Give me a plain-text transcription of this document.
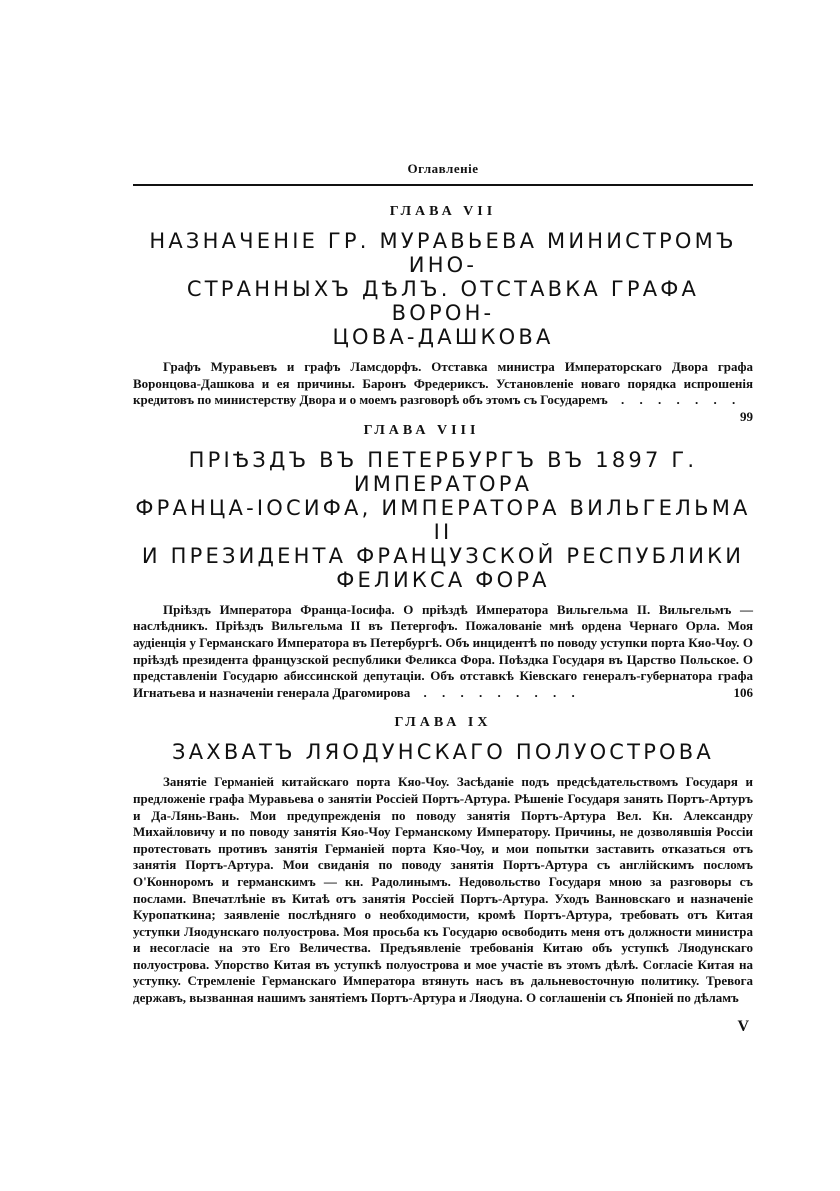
Оглавленіе
ГЛАВА VII
НАЗНАЧЕНІЕ ГР. МУРАВЬЕВА МИНИСТРОМЪ ИНО-
СТРАННЫХЪ ДѢЛЪ. ОТСТАВКА ГРАФА ВОРОН-
ЦОВА-ДАШКОВА
Графъ Муравьевъ и графъ Ламсдорфъ. Отставка министра Императорскаго Двора графа Воронцова-Дашкова и ея причины. Баронъ Фредериксъ. Установленіе новаго порядка испрошенія кредитовъ по министерству Двора и о моемъ разговорѣ объ этомъ съ Государемъ . . . . . . .
99
ГЛАВА VIII
ПРІѢЗДЪ ВЪ ПЕТЕРБУРГЪ ВЪ 1897 Г. ИМПЕРАТОРА
ФРАНЦА-ІОСИФА, ИМПЕРАТОРА ВИЛЬГЕЛЬМА II
И ПРЕЗИДЕНТА ФРАНЦУЗСКОЙ РЕСПУБЛИКИ
ФЕЛИКСА ФОРА
Пріѣздъ Императора Франца-Іосифа. О пріѣздѣ Императора Вильгельма II. Вильгельмъ — наслѣдникъ. Пріѣздъ Вильгельма II въ Петергофъ. Пожалованіе мнѣ ордена Чернаго Орла. Моя аудіенція у Германскаго Императора въ Петербургѣ. Объ инцидентѣ по поводу уступки порта Кяо-Чоу. О пріѣздѣ президента французской республики Феликса Фора. Поѣздка Государя въ Царство Польское. О представленіи Государю абиссинской депутаціи. Объ отставкѣ Кіевскаго генералъ-губернатора графа Игнатьева и назначеніи генерала Драгомирова . . . . . . . . .	106
ГЛАВА IX
ЗАХВАТЪ ЛЯОДУНСКАГО ПОЛУОСТРОВА
Занятіе Германіей китайскаго порта Кяо-Чоу. Засѣданіе подъ предсѣдательствомъ Государя и предложеніе графа Муравьева о занятіи Россіей Портъ-Артура. Рѣшеніе Государя занять Портъ-Артуръ и Да-Лянь-Вань. Мои предупрежденія по поводу занятія Портъ-Артура Вел. Кн. Александру Михайловичу и по поводу занятія Кяо-Чоу Германскому Императору. Причины, не дозволявшія Россіи протестовать противъ занятія Германіей порта Кяо-Чоу, и мои попытки заставить отказаться отъ занятія Портъ-Артура. Мои свиданія по поводу занятія Портъ-Артура съ англійскимъ посломъ О'Конноромъ и германскимъ — кн. Радолинымъ. Недовольство Государя мною за разговоры съ послами. Впечатлѣніе въ Китаѣ отъ занятія Россіей Портъ-Артура. Уходъ Ванновскаго и назначеніе Куропаткина; заявленіе послѣдняго о необходимости, кромѣ Портъ-Артура, требовать отъ Китая уступки Ляодунскаго полуострова. Моя просьба къ Государю освободить меня отъ должности министра и несогласіе на это Его Величества. Предъявленіе требованія Китаю объ уступкѣ Ляодунскаго полуострова. Упорство Китая въ уступкѣ полуострова и мое участіе въ этомъ дѣлѣ. Согласіе Китая на уступку. Стремленіе Германскаго Императора втянуть насъ въ дальневосточную политику. Тревога державъ, вызванная нашимъ занятіемъ Портъ-Артура и Ляодуна. О соглашеніи съ Японіей по дѣламъ
V
